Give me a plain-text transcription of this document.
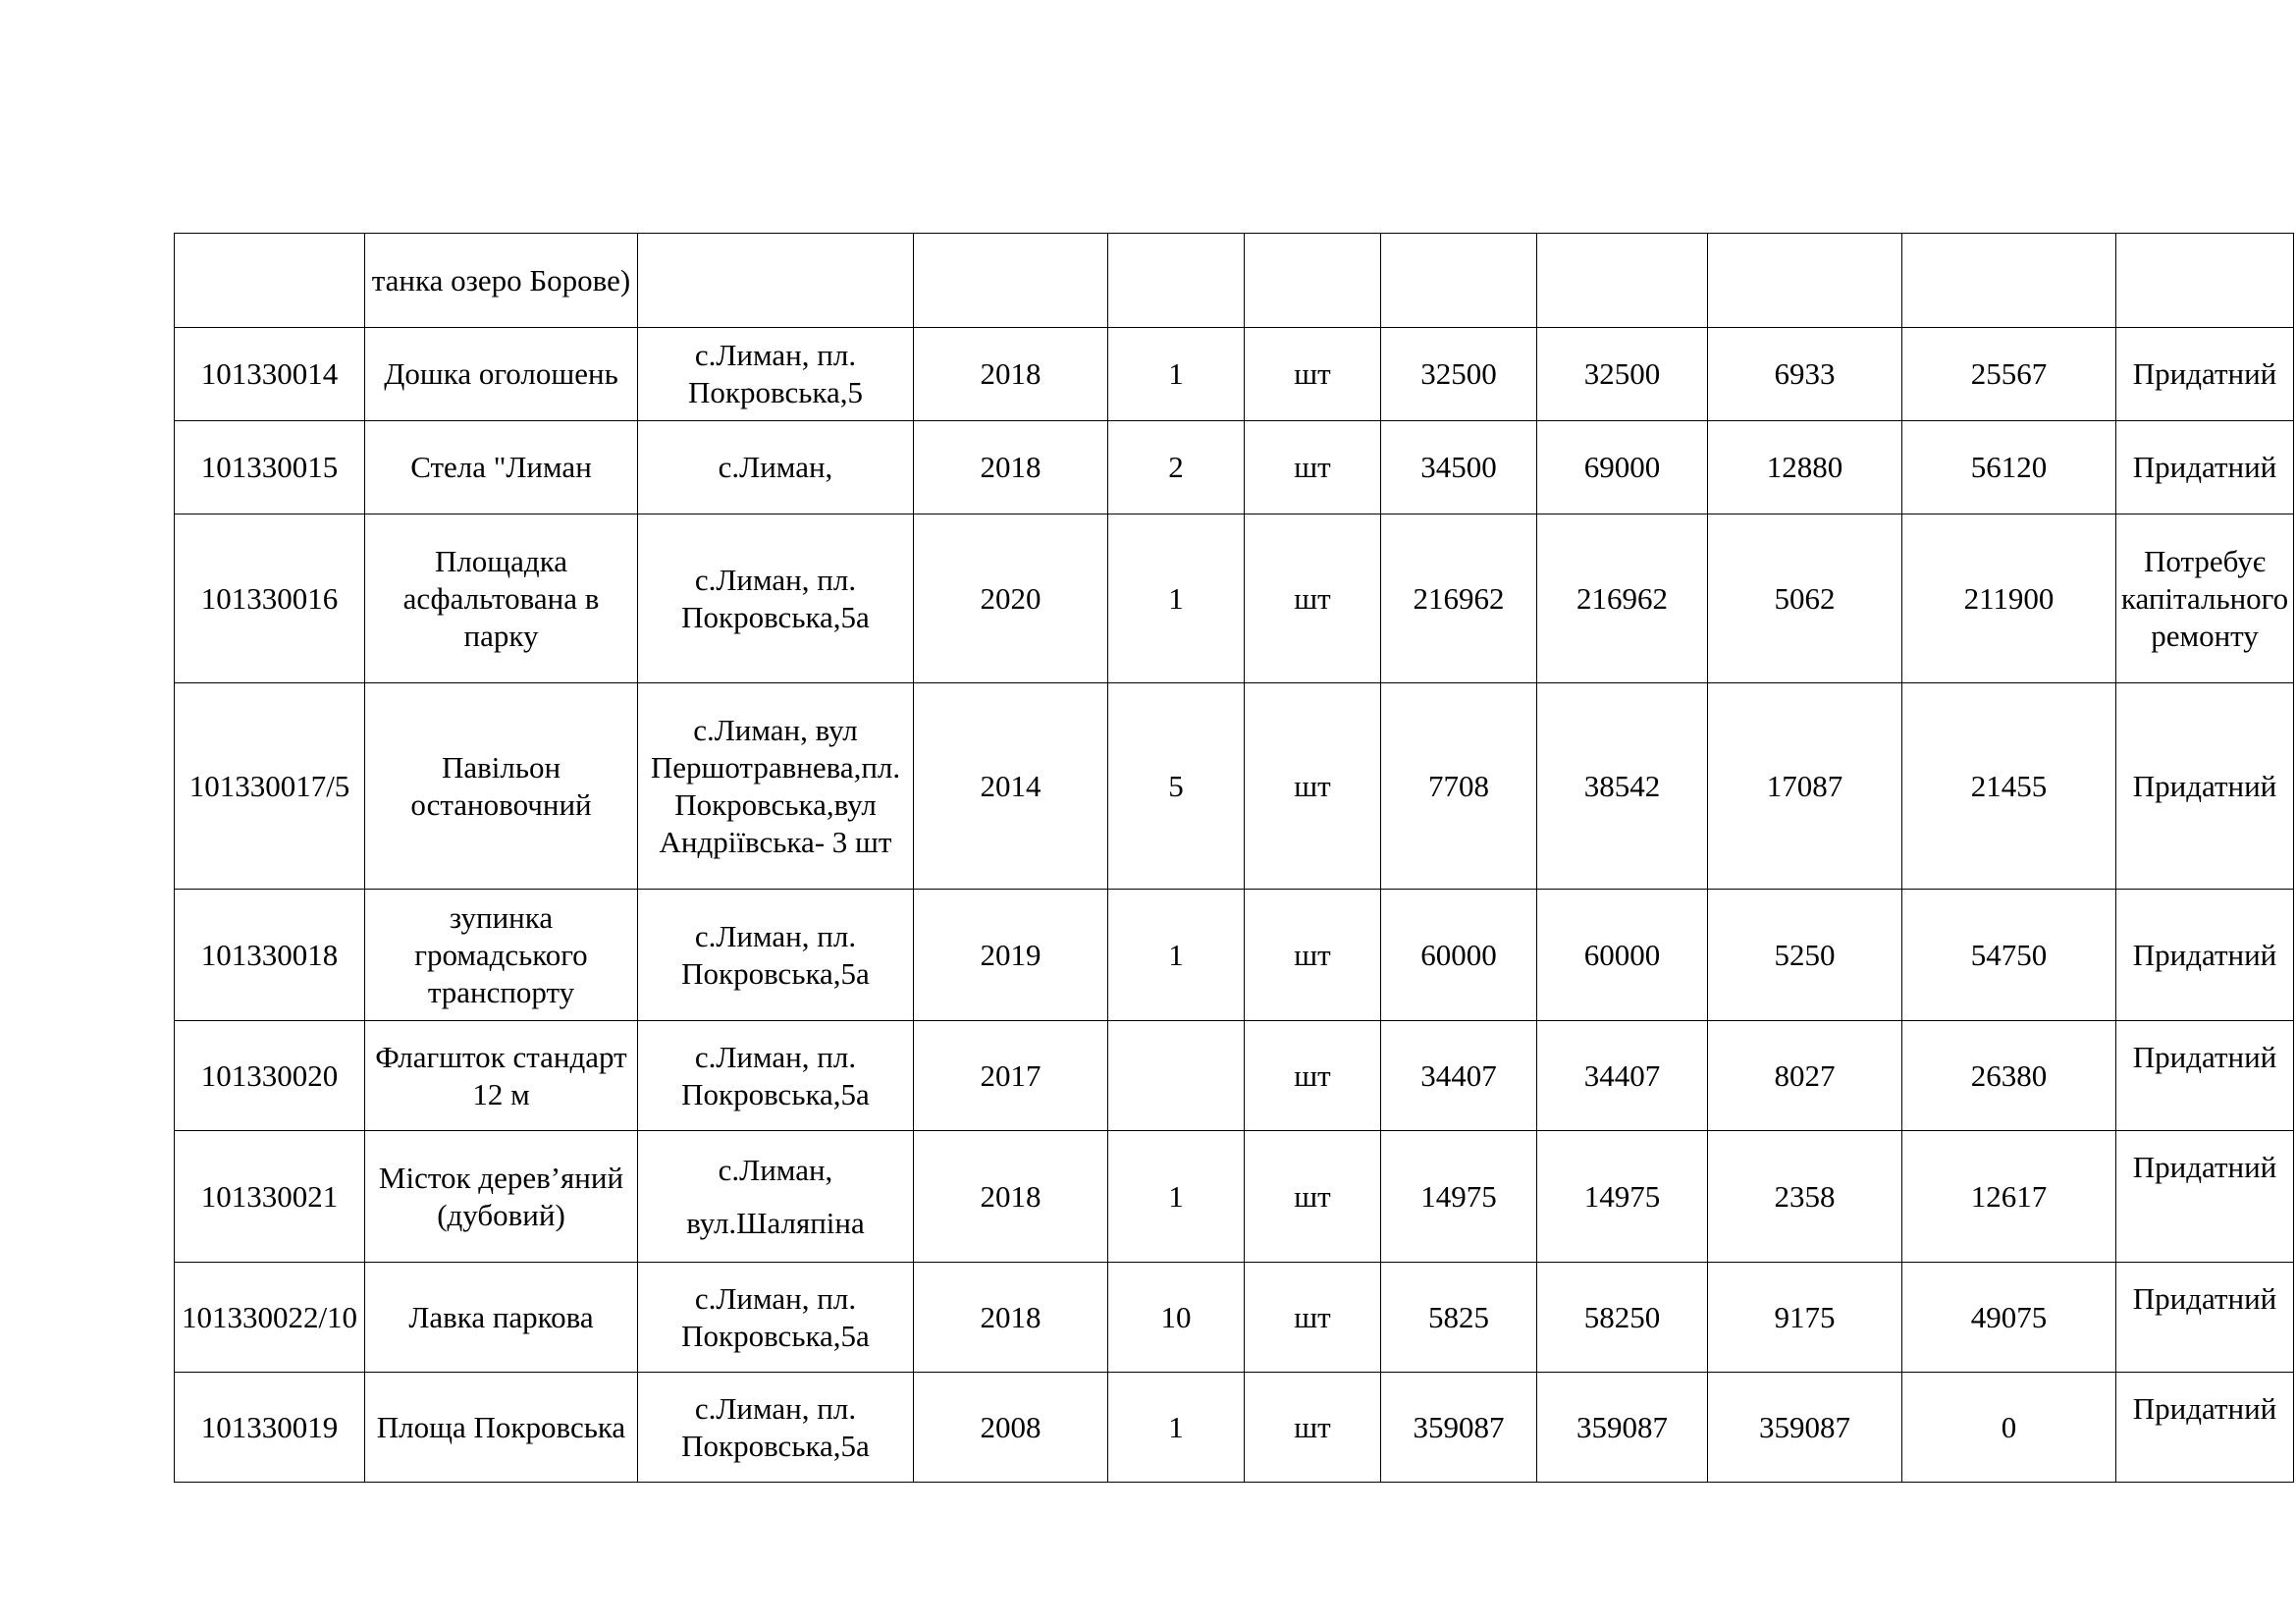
	танка озеро Борове)									
101330014	Дошка оголошень	с.Лиман, пл. Покровська,5	2018	1	шт	32500	32500	6933	25567	Придатний
101330015	Стела "Лиман	с.Лиман,	2018	2	шт	34500	69000	12880	56120	Придатний
101330016	Площадка асфальтована в парку	с.Лиман, пл. Покровська,5а	2020	1	шт	216962	216962	5062	211900	Потребує капітального ремонту
101330017/5	Павільон остановочний	с.Лиман, вул Першотравнева,пл.Покровська,вул Андріївська- 3 шт	2014	5	шт	7708	38542	17087	21455	Придатний
101330018	зупинка громадського транспорту	с.Лиман, пл. Покровська,5а	2019	1	шт	60000	60000	5250	54750	Придатний
101330020	Флагшток стандарт 12 м	с.Лиман, пл. Покровська,5а	2017		шт	34407	34407	8027	26380	Придатний
101330021	Місток дерев’яний (дубовий)	с.Лиман, вул.Шаляпіна	2018	1	шт	14975	14975	2358	12617	Придатний
101330022/10	Лавка паркова	с.Лиман, пл. Покровська,5а	2018	10	шт	5825	58250	9175	49075	Придатний
101330019	Площа Покровська	с.Лиман, пл. Покровська,5а	2008	1	шт	359087	359087	359087	0	Придатний
